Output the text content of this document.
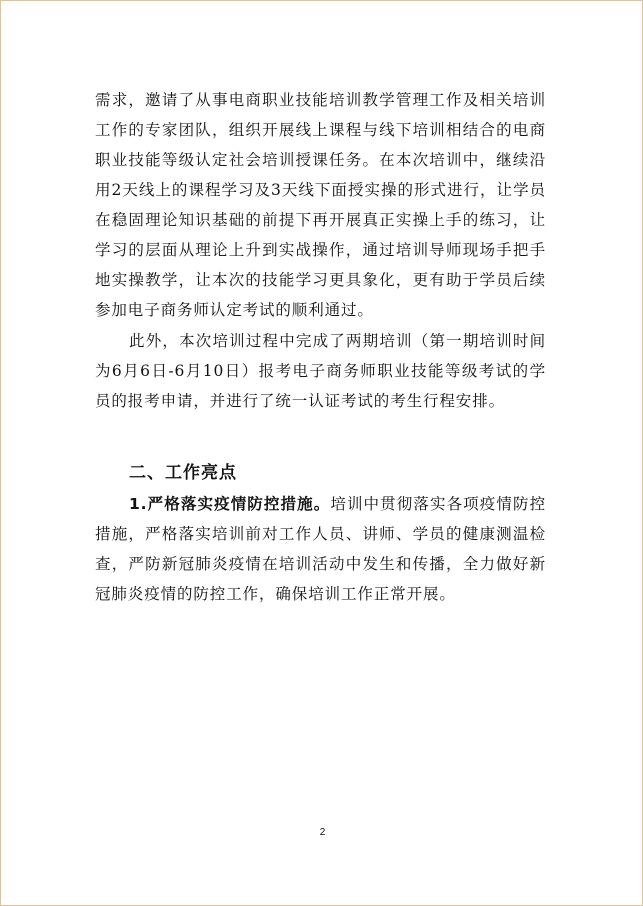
需求，邀请了从事电商职业技能培训教学管理工作及相关培训工作的专家团队，组织开展线上课程与线下培训相结合的电商职业技能等级认定社会培训授课任务。在本次培训中，继续沿用2天线上的课程学习及3天线下面授实操的形式进行，让学员在稳固理论知识基础的前提下再开展真正实操上手的练习，让学习的层面从理论上升到实战操作，通过培训导师现场手把手地实操教学，让本次的技能学习更具象化，更有助于学员后续参加电子商务师认定考试的顺利通过。

此外，本次培训过程中完成了两期培训（第一期培训时间为6月6日-6月10日）报考电子商务师职业技能等级考试的学员的报考申请，并进行了统一认证考试的考生行程安排。

二、工作亮点

1.严格落实疫情防控措施。培训中贯彻落实各项疫情防控措施，严格落实培训前对工作人员、讲师、学员的健康测温检查，严防新冠肺炎疫情在培训活动中发生和传播，全力做好新冠肺炎疫情的防控工作，确保培训工作正常开展。

2
